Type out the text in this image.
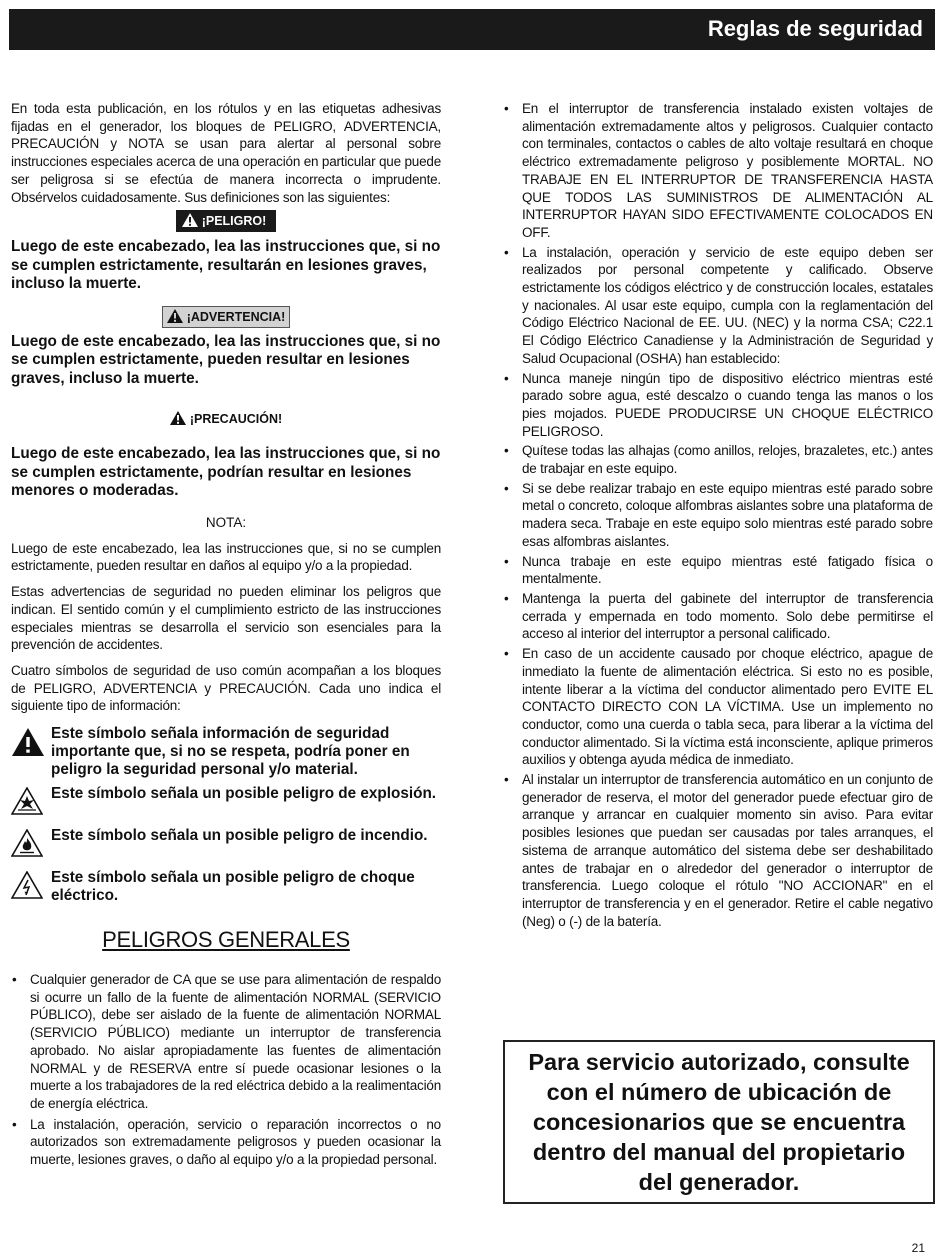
Reglas de seguridad

En toda esta publicación, en los rótulos y en las etiquetas adhesivas fijadas en el generador, los bloques de PELIGRO, ADVERTENCIA, PRECAUCIÓN y NOTA se usan para alertar al personal sobre instrucciones especiales acerca de una operación en particular que puede ser peligrosa si se efectúa de manera incorrecta o imprudente. Obsérvelos cuidadosamente. Sus definiciones son las siguientes:

¡PELIGRO!

Luego de este encabezado, lea las instrucciones que, si no se cumplen estrictamente, resultarán en lesiones graves, incluso la muerte.

¡ADVERTENCIA!

Luego de este encabezado, lea las instrucciones que, si no se cumplen estrictamente, pueden resultar en lesiones graves, incluso la muerte.

¡PRECAUCIÓN!

Luego de este encabezado, lea las instrucciones que, si no se cumplen estrictamente, podrían resultar en lesiones menores o moderadas.

NOTA:

Luego de este encabezado, lea las instrucciones que, si no se cumplen estrictamente, pueden resultar en daños al equipo y/o a la propiedad.

Estas advertencias de seguridad no pueden eliminar los peligros que indican. El sentido común y el cumplimiento estricto de las instrucciones especiales mientras se desarrolla el servicio son esenciales para la prevención de accidentes.

Cuatro símbolos de seguridad de uso común acompañan a los bloques de PELIGRO, ADVERTENCIA y PRECAUCIÓN. Cada uno indica el siguiente tipo de información:

Este símbolo señala información de seguridad importante que, si no se respeta, podría poner en peligro la seguridad personal y/o material.
Este símbolo señala un posible peligro de explosión.
Este símbolo señala un posible peligro de incendio.
Este símbolo señala un posible peligro de choque eléctrico.
PELIGROS GENERALES
• Cualquier generador de CA que se use para alimentación de respaldo si ocurre un fallo de la fuente de alimentación NORMAL (SERVICIO PÚBLICO), debe ser aislado de la fuente de alimentación NORMAL (SERVICIO PÚBLICO) mediante un interruptor de transferencia aprobado. No aislar apropiadamente las fuentes de alimentación NORMAL y de RESERVA entre sí puede ocasionar lesiones o la muerte a los trabajadores de la red eléctrica debido a la realimentación de energía eléctrica.
• La instalación, operación, servicio o reparación incorrectos o no autorizados son extremadamente peligrosos y pueden ocasionar la muerte, lesiones graves, o daño al equipo y/o a la propiedad personal.
• En el interruptor de transferencia instalado existen voltajes de alimentación extremadamente altos y peligrosos. Cualquier contacto con terminales, contactos o cables de alto voltaje resultará en choque eléctrico extremadamente peligroso y posiblemente MORTAL. NO TRABAJE EN EL INTERRUPTOR DE TRANSFERENCIA HASTA QUE TODOS LAS SUMINISTROS DE ALIMENTACIÓN AL INTERRUPTOR HAYAN SIDO EFECTIVAMENTE COLOCADOS EN OFF.
• La instalación, operación y servicio de este equipo deben ser realizados por personal competente y calificado. Observe estrictamente los códigos eléctrico y de construcción locales, estatales y nacionales. Al usar este equipo, cumpla con la reglamentación del Código Eléctrico Nacional de EE. UU. (NEC) y la norma CSA; C22.1 El Código Eléctrico Canadiense y la Administración de Seguridad y Salud Ocupacional (OSHA) han establecido:
• Nunca maneje ningún tipo de dispositivo eléctrico mientras esté parado sobre agua, esté descalzo o cuando tenga las manos o los pies mojados. PUEDE PRODUCIRSE UN CHOQUE ELÉCTRICO PELIGROSO.
• Quítese todas las alhajas (como anillos, relojes, brazaletes, etc.) antes de trabajar en este equipo.
• Si se debe realizar trabajo en este equipo mientras esté parado sobre metal o concreto, coloque alfombras aislantes sobre una plataforma de madera seca. Trabaje en este equipo solo mientras esté parado sobre esas alfombras aislantes.
• Nunca trabaje en este equipo mientras esté fatigado física o mentalmente.
• Mantenga la puerta del gabinete del interruptor de transferencia cerrada y empernada en todo momento. Solo debe permitirse el acceso al interior del interruptor a personal calificado.
• En caso de un accidente causado por choque eléctrico, apague de inmediato la fuente de alimentación eléctrica. Si esto no es posible, intente liberar a la víctima del conductor alimentado pero EVITE EL CONTACTO DIRECTO CON LA VÍCTIMA. Use un implemento no conductor, como una cuerda o tabla seca, para liberar a la víctima del conductor alimentado. Si la víctima está inconsciente, aplique primeros auxilios y obtenga ayuda médica de inmediato.
• Al instalar un interruptor de transferencia automático en un conjunto de generador de reserva, el motor del generador puede efectuar giro de arranque y arrancar en cualquier momento sin aviso. Para evitar posibles lesiones que puedan ser causadas por tales arranques, el sistema de arranque automático del sistema debe ser deshabilitado antes de trabajar en o alrededor del generador o interruptor de transferencia. Luego coloque el rótulo "NO ACCIONAR" en el interruptor de transferencia y en el generador. Retire el cable negativo (Neg) o (-) de la batería.
Para servicio autorizado, consulte con el número de ubicación de concesionarios que se encuentra dentro del manual del propietario del generador.
21
